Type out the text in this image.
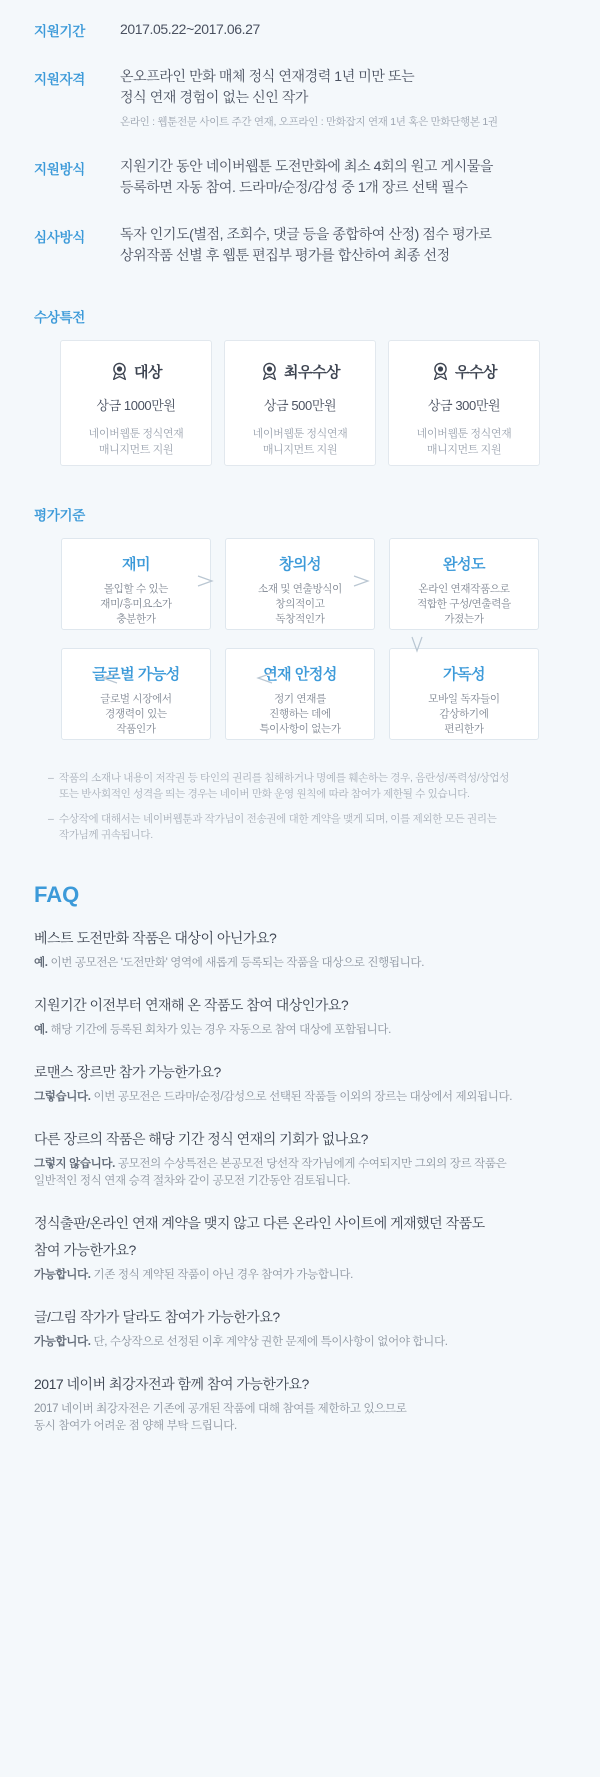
지원기간	2017.05.22~2017.06.27
지원자격	온오프라인 만화 매체 정식 연재경력 1년 미만 또는
정식 연재 경험이 없는 신인 작가
온라인 : 웹툰전문 사이트 주간 연재, 오프라인 : 만화잡지 연재 1년 혹은 만화단행본 1권
지원방식	지원기간 동안 네이버웹툰 도전만화에 최소 4회의 원고 게시물을
등록하면 자동 참여. 드라마/순정/감성 중 1개 장르 선택 필수
심사방식	독자 인기도(별점, 조회수, 댓글 등을 종합하여 산정) 점수 평가로
상위작품 선별 후 웹툰 편집부 평가를 합산하여 최종 선정
수상특전
대상
상금 1000만원
네이버웹툰 정식연재
매니지먼트 지원
최우수상
상금 500만원
네이버웹툰 정식연재
매니지먼트 지원
우수상
상금 300만원
네이버웹툰 정식연재
매니지먼트 지원
평가기준
재미
몰입할 수 있는
재미/흥미요소가
충분한가
창의성
소재 및 연출방식이
창의적이고
독창적인가
완성도
온라인 연재작품으로
적합한 구성/연출력을
가졌는가
글로벌 가능성
글로벌 시장에서
경쟁력이 있는
작품인가
연재 안정성
정기 연재를
진행하는 데에
특이사항이 없는가
가독성
모바일 독자들이
감상하기에
편리한가
– 작품의 소재나 내용이 저작권 등 타인의 권리를 침해하거나 명예를 훼손하는 경우, 음란성/폭력성/상업성
또는 반사회적인 성격을 띄는 경우는 네이버 만화 운영 원칙에 따라 참여가 제한될 수 있습니다.
– 수상작에 대해서는 네이버웹툰과 작가님이 전송권에 대한 계약을 맺게 되며, 이를 제외한 모든 권리는
작가님께 귀속됩니다.
FAQ
베스트 도전만화 작품은 대상이 아닌가요?
예. 이번 공모전은 '도전만화' 영역에 새롭게 등록되는 작품을 대상으로 진행됩니다.
지원기간 이전부터 연재해 온 작품도 참여 대상인가요?
예. 해당 기간에 등록된 회차가 있는 경우 자동으로 참여 대상에 포함됩니다.
로맨스 장르만 참가 가능한가요?
그렇습니다. 이번 공모전은 드라마/순정/감성으로 선택된 작품들 이외의 장르는 대상에서 제외됩니다.
다른 장르의 작품은 해당 기간 정식 연재의 기회가 없나요?
그렇지 않습니다. 공모전의 수상특전은 본공모전 당선작 작가님에게 수여되지만 그외의 장르 작품은
일반적인 정식 연재 승격 절차와 같이 공모전 기간동안 검토됩니다.
정식출판/온라인 연재 계약을 맺지 않고 다른 온라인 사이트에 게재했던 작품도
참여 가능한가요?
가능합니다. 기존 정식 계약된 작품이 아닌 경우 참여가 가능합니다.
글/그림 작가가 달라도 참여가 가능한가요?
가능합니다. 단, 수상작으로 선정된 이후 계약상 권한 문제에 특이사항이 없어야 합니다.
2017 네이버 최강자전과 함께 참여 가능한가요?
2017 네이버 최강자전은 기존에 공개된 작품에 대해 참여를 제한하고 있으므로
동시 참여가 어려운 점 양해 부탁 드립니다.
